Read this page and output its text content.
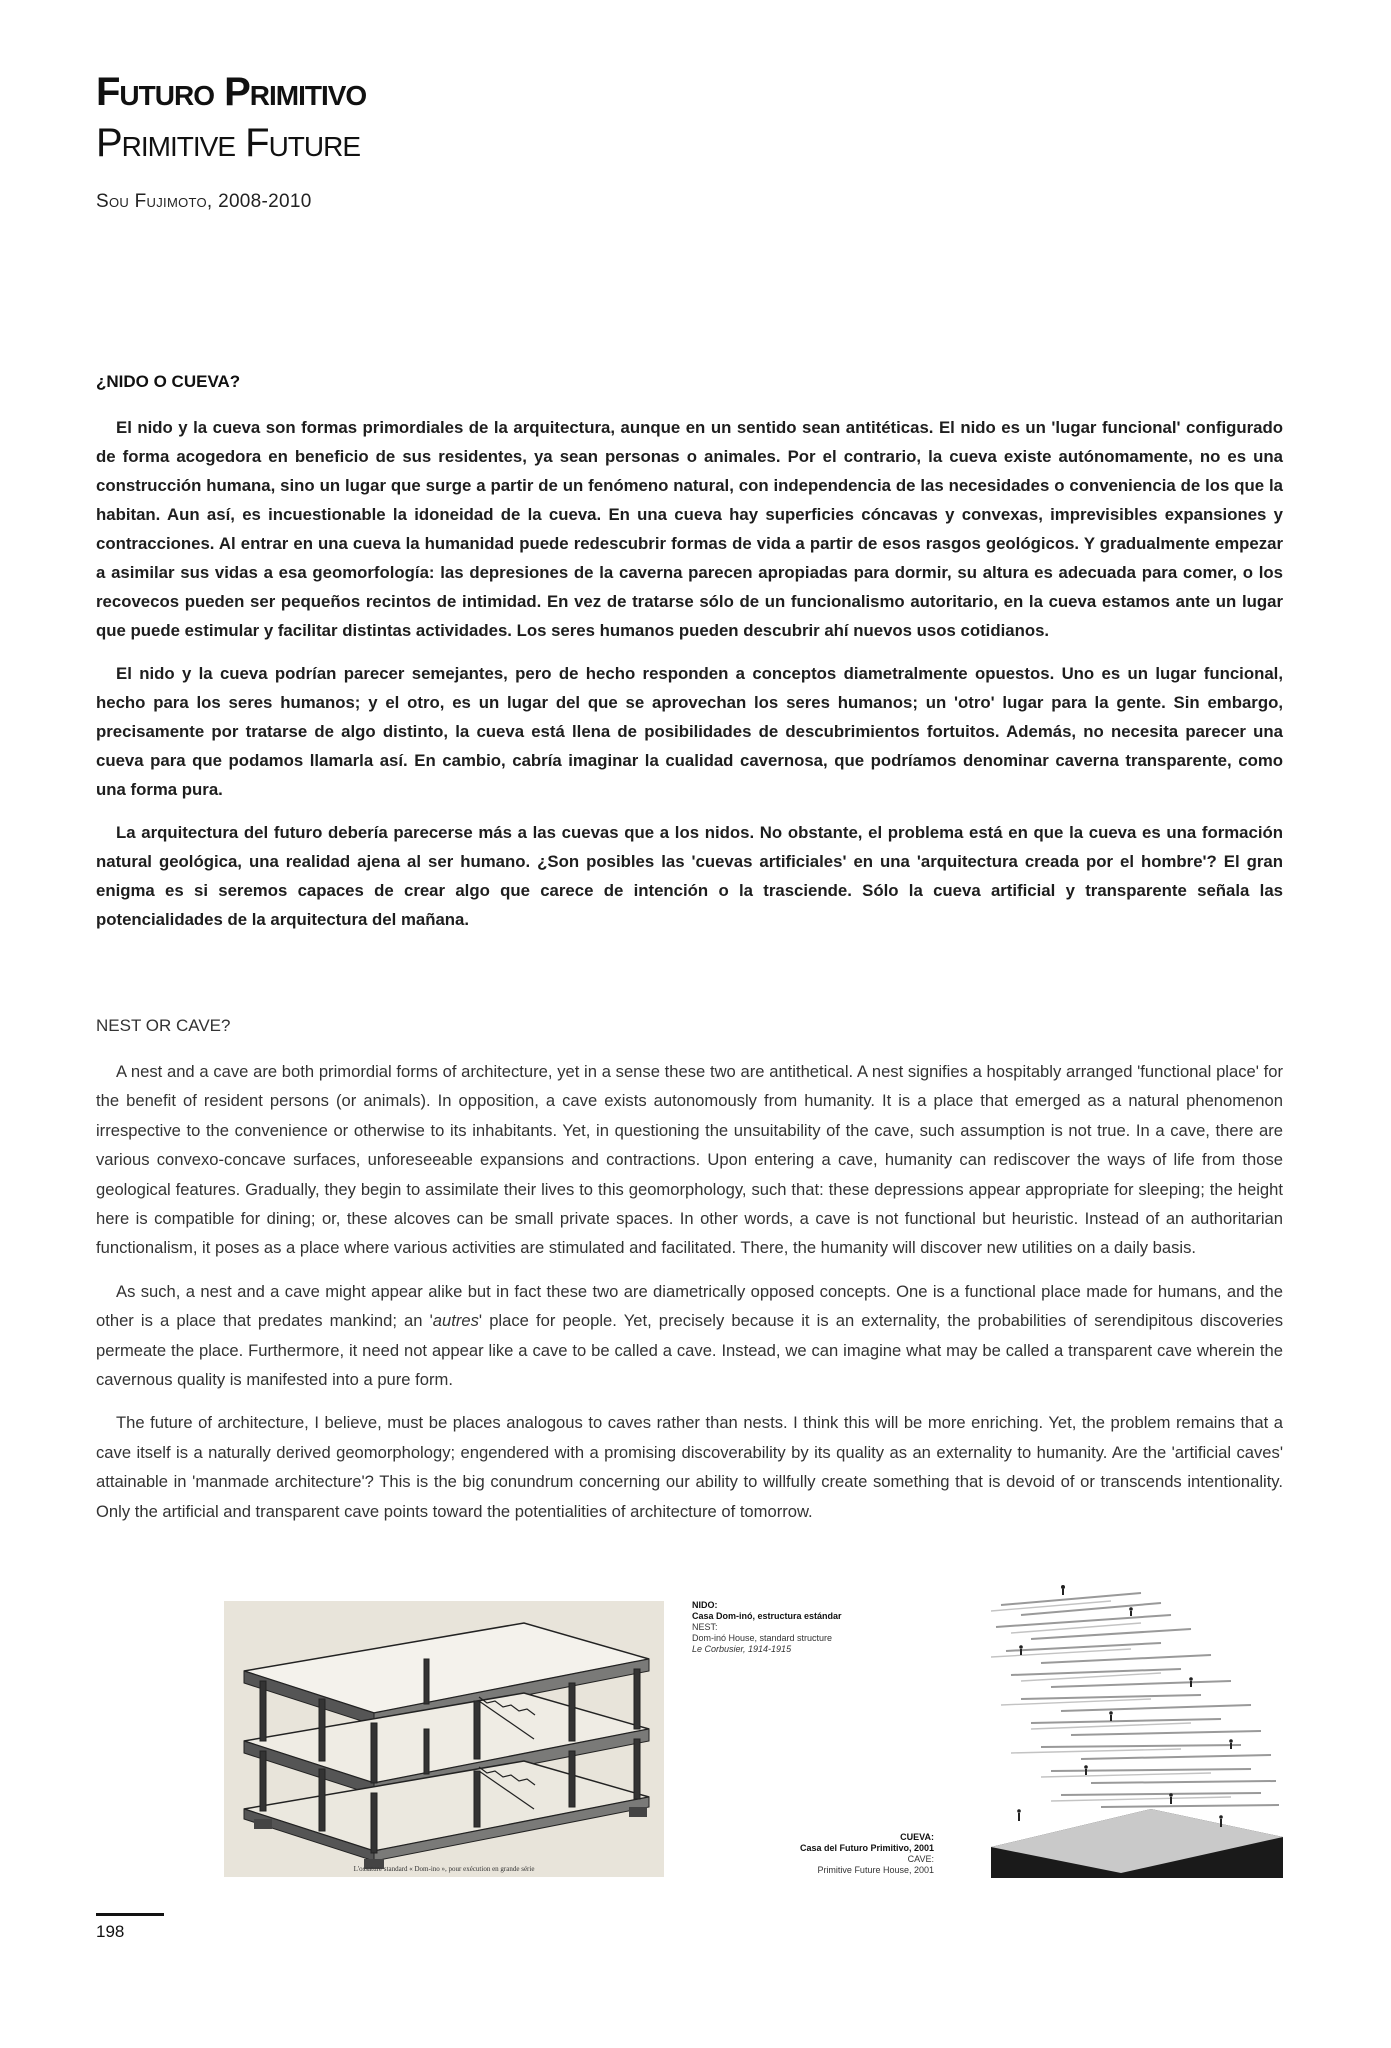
Futuro Primitivo
Primitive Future
Sou Fujimoto, 2008-2010
¿NIDO O CUEVA?

El nido y la cueva son formas primordiales de la arquitectura, aunque en un sentido sean antitéticas. El nido es un 'lugar funcional' configurado de forma acogedora en beneficio de sus residentes, ya sean personas o animales. Por el contrario, la cueva existe autónomamente, no es una construcción humana, sino un lugar que surge a partir de un fenómeno natural, con independencia de las necesidades o conveniencia de los que la habitan. Aun así, es incuestionable la idoneidad de la cueva. En una cueva hay superficies cóncavas y convexas, imprevisibles expansiones y contracciones. Al entrar en una cueva la humanidad puede redescubrir formas de vida a partir de esos rasgos geológicos. Y gradualmente empezar a asimilar sus vidas a esa geomorfología: las depresiones de la caverna parecen apropiadas para dormir, su altura es adecuada para comer, o los recovecos pueden ser pequeños recintos de intimidad. En vez de tratarse sólo de un funcionalismo autoritario, en la cueva estamos ante un lugar que puede estimular y facilitar distintas actividades. Los seres humanos pueden descubrir ahí nuevos usos cotidianos.

El nido y la cueva podrían parecer semejantes, pero de hecho responden a conceptos diametralmente opuestos. Uno es un lugar funcional, hecho para los seres humanos; y el otro, es un lugar del que se aprovechan los seres humanos; un 'otro' lugar para la gente. Sin embargo, precisamente por tratarse de algo distinto, la cueva está llena de posibilidades de descubrimientos fortuitos. Además, no necesita parecer una cueva para que podamos llamarla así. En cambio, cabría imaginar la cualidad cavernosa, que podríamos denominar caverna transparente, como una forma pura.

La arquitectura del futuro debería parecerse más a las cuevas que a los nidos. No obstante, el problema está en que la cueva es una formación natural geológica, una realidad ajena al ser humano. ¿Son posibles las 'cuevas artificiales' en una 'arquitectura creada por el hombre'? El gran enigma es si seremos capaces de crear algo que carece de intención o la trasciende. Sólo la cueva artificial y transparente señala las potencialidades de la arquitectura del mañana.

NEST OR CAVE?

A nest and a cave are both primordial forms of architecture, yet in a sense these two are antithetical. A nest signifies a hospitably arranged 'functional place' for the benefit of resident persons (or animals). In opposition, a cave exists autonomously from humanity. It is a place that emerged as a natural phenomenon irrespective to the convenience or otherwise to its inhabitants. Yet, in questioning the unsuitability of the cave, such assumption is not true. In a cave, there are various convexo-concave surfaces, unforeseeable expansions and contractions. Upon entering a cave, humanity can rediscover the ways of life from those geological features. Gradually, they begin to assimilate their lives to this geomorphology, such that: these depressions appear appropriate for sleeping; the height here is compatible for dining; or, these alcoves can be small private spaces. In other words, a cave is not functional but heuristic. Instead of an authoritarian functionalism, it poses as a place where various activities are stimulated and facilitated. There, the humanity will discover new utilities on a daily basis.

As such, a nest and a cave might appear alike but in fact these two are diametrically opposed concepts. One is a functional place made for humans, and the other is a place that predates mankind; an 'autres' place for people. Yet, precisely because it is an externality, the probabilities of serendipitous discoveries permeate the place. Furthermore, it need not appear like a cave to be called a cave. Instead, we can imagine what may be called a transparent cave wherein the cavernous quality is manifested into a pure form.

The future of architecture, I believe, must be places analogous to caves rather than nests. I think this will be more enriching. Yet, the problem remains that a cave itself is a naturally derived geomorphology; engendered with a promising discoverability by its quality as an externality to humanity. Are the 'artificial caves' attainable in 'manmade architecture'? This is the big conundrum concerning our ability to willfully create something that is devoid of or transcends intentionality. Only the artificial and transparent cave points toward the potentialities of architecture of tomorrow.

L'ossature standard « Dom-ino », pour exécution en grande série
NIDO:
Casa Dom-inó, estructura estándar
NEST:
Dom-inó House, standard structure
Le Corbusier, 1914-1915
CUEVA:
Casa del Futuro Primitivo, 2001
CAVE:
Primitive Future House, 2001
198
